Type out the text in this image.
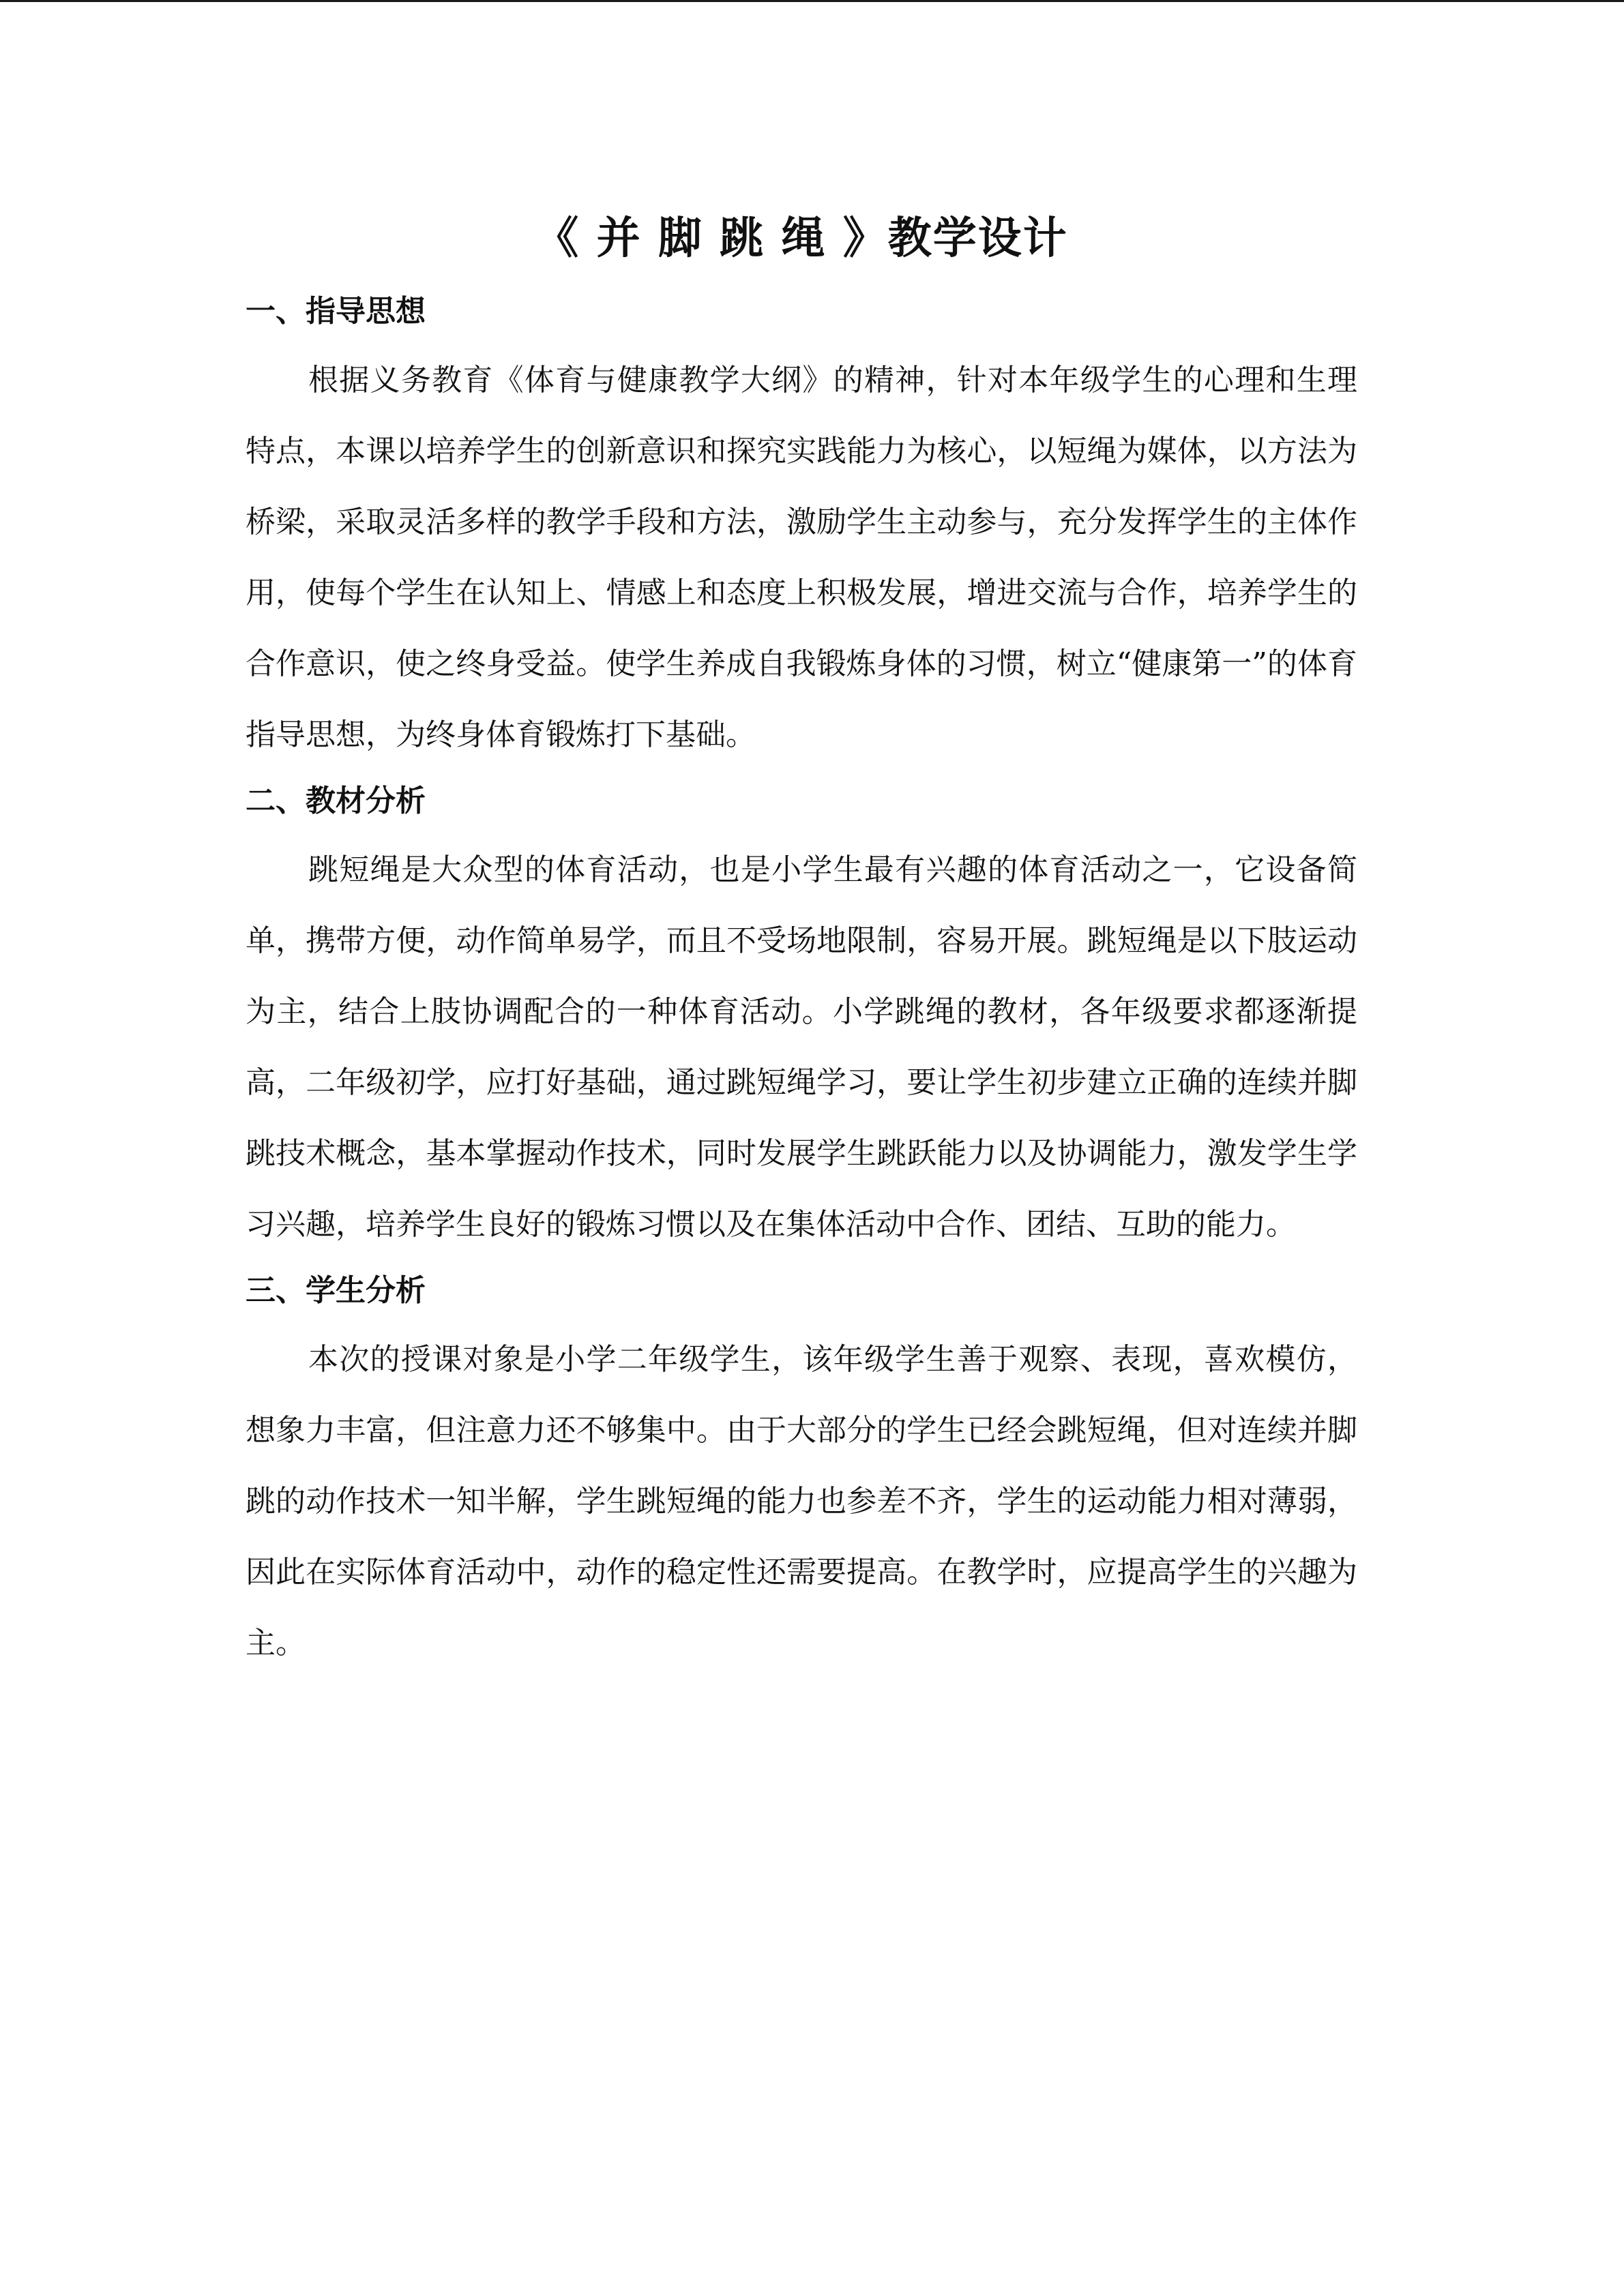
《 并 脚 跳 绳 》教学设计
一、指导思想

根据义务教育《体育与健康教学大纲》的精神，针对本年级学生的心理和生理特点，本课以培养学生的创新意识和探究实践能力为核心，以短绳为媒体，以方法为桥梁，采取灵活多样的教学手段和方法，激励学生主动参与，充分发挥学生的主体作用，使每个学生在认知上、情感上和态度上积极发展，增进交流与合作，培养学生的合作意识，使之终身受益。使学生养成自我锻炼身体的习惯，树立“健康第一”的体育指导思想，为终身体育锻炼打下基础。

二、教材分析

跳短绳是大众型的体育活动，也是小学生最有兴趣的体育活动之一，它设备简单，携带方便，动作简单易学，而且不受场地限制，容易开展。跳短绳是以下肢运动为主，结合上肢协调配合的一种体育活动。小学跳绳的教材，各年级要求都逐渐提高，二年级初学，应打好基础，通过跳短绳学习，要让学生初步建立正确的连续并脚跳技术概念，基本掌握动作技术，同时发展学生跳跃能力以及协调能力，激发学生学习兴趣，培养学生良好的锻炼习惯以及在集体活动中合作、团结、互助的能力。

三、学生分析

本次的授课对象是小学二年级学生，该年级学生善于观察、表现，喜欢模仿，想象力丰富，但注意力还不够集中。由于大部分的学生已经会跳短绳，但对连续并脚跳的动作技术一知半解，学生跳短绳的能力也参差不齐，学生的运动能力相对薄弱，因此在实际体育活动中，动作的稳定性还需要提高。在教学时，应提高学生的兴趣为主。
